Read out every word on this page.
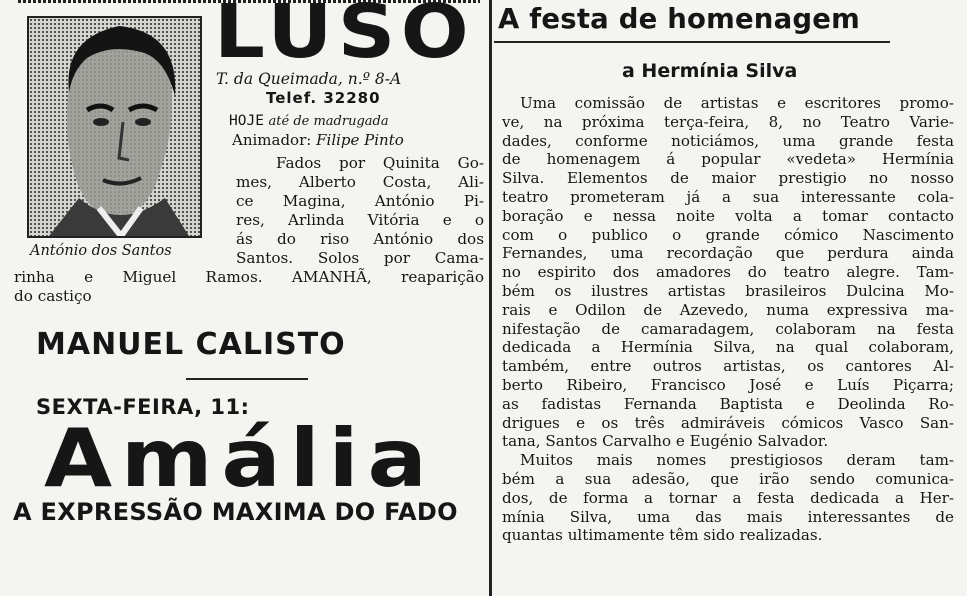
António dos Santos
LUSO
T. da Queimada, n.º 8-A
Telef. 32280
HOJE até de madrugada
Animador: Filipe Pinto
Fados por Quinita Go-
mes, Alberto Costa, Ali-
ce Magina, António Pi-
res, Arlinda Vitória e o
ás do riso António dos
Santos. Solos por Cama-
rinha e Miguel Ramos. AMANHÃ, reaparição
do castiço
MANUEL CALISTO
SEXTA-FEIRA, 11:
Amália
A EXPRESSÃO MAXIMA DO FADO
A festa de homenagem
a Hermínia Silva
Uma comissão de artistas e escritores promo-
ve, na próxima terça-feira, 8, no Teatro Varie-
dades, conforme noticiámos, uma grande festa
de homenagem á popular «vedeta» Hermínia
Silva. Elementos de maior prestigio no nosso
teatro prometeram já a sua interessante cola-
boração e nessa noite volta a tomar contacto
com o publico o grande cómico Nascimento
Fernandes, uma recordação que perdura ainda
no espirito dos amadores do teatro alegre. Tam-
bém os ilustres artistas brasileiros Dulcina Mo-
rais e Odilon de Azevedo, numa expressiva ma-
nifestação de camaradagem, colaboram na festa
dedicada a Hermínia Silva, na qual colaboram,
também, entre outros artistas, os cantores Al-
berto Ribeiro, Francisco José e Luís Piçarra;
as fadistas Fernanda Baptista e Deolinda Ro-
drigues e os três admiráveis cómicos Vasco San-
tana, Santos Carvalho e Eugénio Salvador.
Muitos mais nomes prestigiosos deram tam-
bém a sua adesão, que irão sendo comunica-
dos, de forma a tornar a festa dedicada a Her-
mínia Silva, uma das mais interessantes de
quantas ultimamente têm sido realizadas.
